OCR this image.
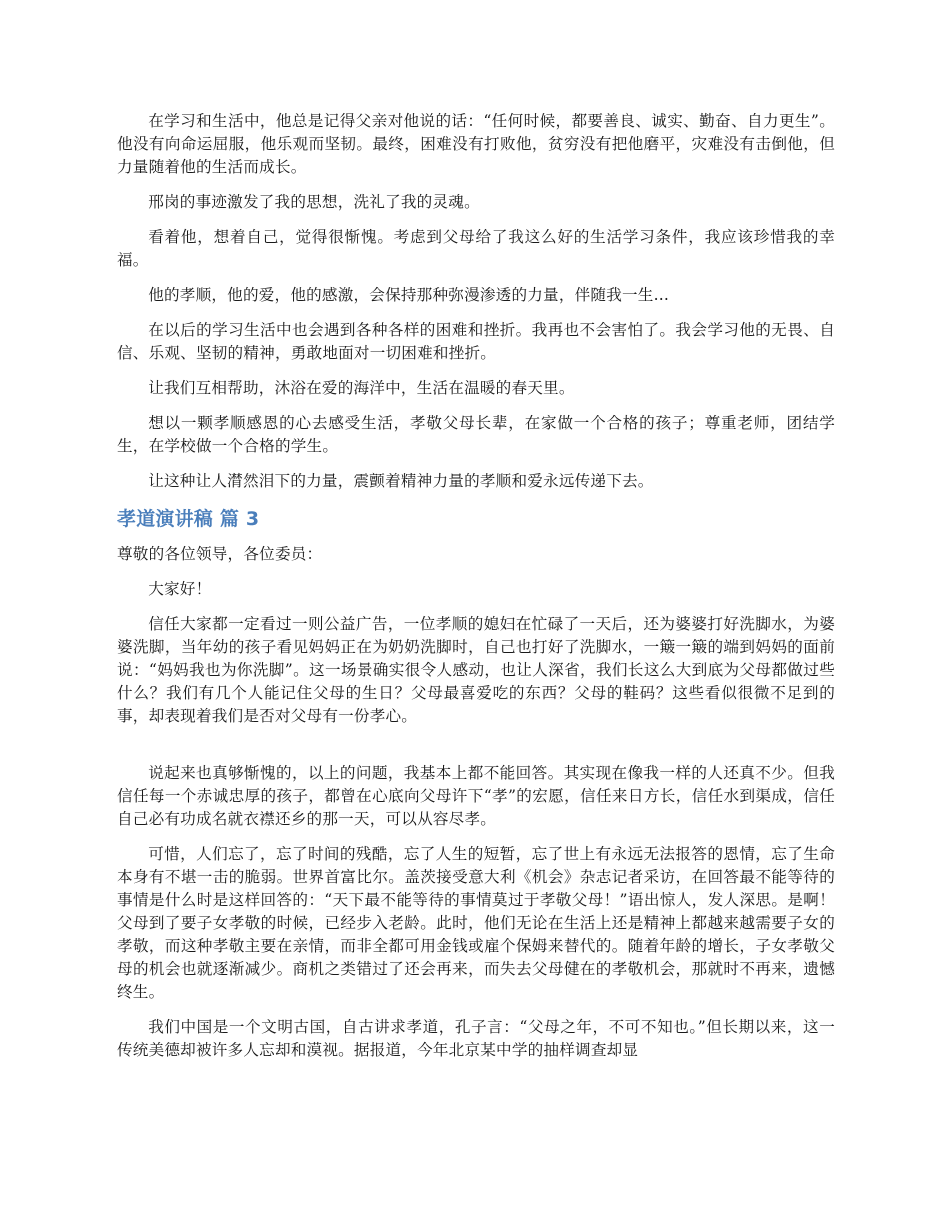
在学习和生活中，他总是记得父亲对他说的话：“任何时候，都要善良、诚实、勤奋、自力更生”。他没有向命运屈服，他乐观而坚韧。最终，困难没有打败他，贫穷没有把他磨平，灾难没有击倒他，但力量随着他的生活而成长。

邢岗的事迹激发了我的思想，洗礼了我的灵魂。

看着他，想着自己，觉得很惭愧。考虑到父母给了我这么好的生活学习条件，我应该珍惜我的幸福。

他的孝顺，他的爱，他的感激，会保持那种弥漫渗透的力量，伴随我一生...

在以后的学习生活中也会遇到各种各样的困难和挫折。我再也不会害怕了。我会学习他的无畏、自信、乐观、坚韧的精神，勇敢地面对一切困难和挫折。

让我们互相帮助，沐浴在爱的海洋中，生活在温暖的春天里。

想以一颗孝顺感恩的心去感受生活，孝敬父母长辈，在家做一个合格的孩子；尊重老师，团结学生，在学校做一个合格的学生。

让这种让人潸然泪下的力量，震颤着精神力量的孝顺和爱永远传递下去。

孝道演讲稿 篇 3

尊敬的各位领导，各位委员：

大家好！

信任大家都一定看过一则公益广告，一位孝顺的媳妇在忙碌了一天后，还为婆婆打好洗脚水，为婆婆洗脚，当年幼的孩子看见妈妈正在为奶奶洗脚时，自己也打好了洗脚水，一簸一簸的端到妈妈的面前说：“妈妈我也为你洗脚”。这一场景确实很令人感动，也让人深省，我们长这么大到底为父母都做过些什么？我们有几个人能记住父母的生日？父母最喜爱吃的东西？父母的鞋码？这些看似很微不足到的事，却表现着我们是否对父母有一份孝心。

说起来也真够惭愧的，以上的问题，我基本上都不能回答。其实现在像我一样的人还真不少。但我信任每一个赤诚忠厚的孩子，都曾在心底向父母许下“孝”的宏愿，信任来日方长，信任水到渠成，信任自己必有功成名就衣襟还乡的那一天，可以从容尽孝。

可惜，人们忘了，忘了时间的残酷，忘了人生的短暂，忘了世上有永远无法报答的恩情，忘了生命本身有不堪一击的脆弱。世界首富比尔。盖茨接受意大利《机会》杂志记者采访，在回答最不能等待的事情是什么时是这样回答的：“天下最不能等待的事情莫过于孝敬父母！”语出惊人，发人深思。是啊！父母到了要子女孝敬的时候，已经步入老龄。此时，他们无论在生活上还是精神上都越来越需要子女的孝敬，而这种孝敬主要在亲情，而非全都可用金钱或雇个保姆来替代的。随着年龄的增长，子女孝敬父母的机会也就逐渐减少。商机之类错过了还会再来，而失去父母健在的孝敬机会，那就时不再来，遗憾终生。

我们中国是一个文明古国，自古讲求孝道，孔子言：“父母之年，不可不知也。”但长期以来，这一传统美德却被许多人忘却和漠视。据报道，今年北京某中学的抽样调查却显
